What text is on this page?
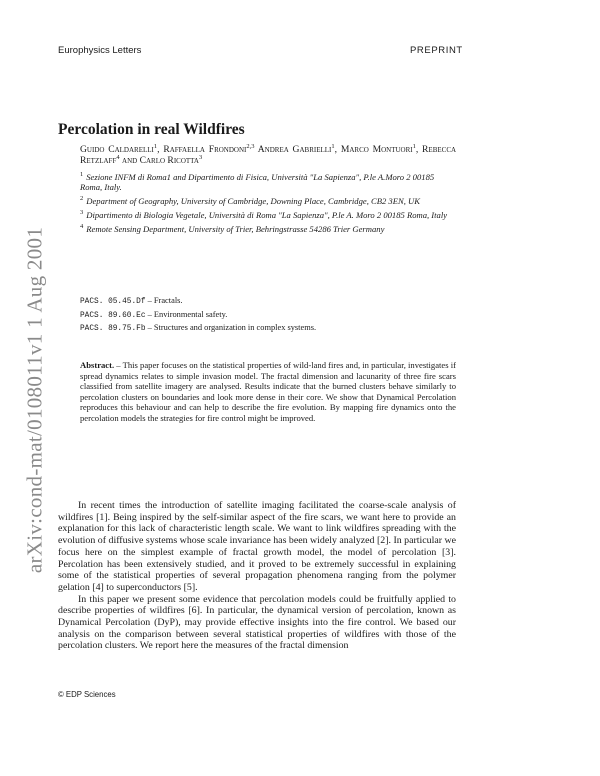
Europhysics Letters	PREPRINT
arXiv:cond-mat/0108011v1 1 Aug 2001
Percolation in real Wildfires
Guido Caldarelli$^1$, Raffaella Frondoni$^{2,3}$ Andrea Gabrielli$^1$, Marco Montuori$^1$, Rebecca Retzlaff$^4$ and Carlo Ricotta$^3$
$^1$ Sezione INFM di Roma1 and Dipartimento di Fisica, Università "La Sapienza", P.le A.Moro 2 00185 Roma, Italy.
$^2$ Department of Geography, University of Cambridge, Downing Place, Cambridge, CB2 3EN, UK
$^3$ Dipartimento di Biologia Vegetale, Università di Roma "La Sapienza", P.le A. Moro 2 00185 Roma, Italy
$^4$ Remote Sensing Department, University of Trier, Behringstrasse 54286 Trier Germany
PACS. 05.45.Df – Fractals.
PACS. 89.60.Ec – Environmental safety.
PACS. 89.75.Fb – Structures and organization in complex systems.
Abstract. – This paper focuses on the statistical properties of wild-land fires and, in particular, investigates if spread dynamics relates to simple invasion model. The fractal dimension and lacunarity of three fire scars classified from satellite imagery are analysed. Results indicate that the burned clusters behave similarly to percolation clusters on boundaries and look more dense in their core. We show that Dynamical Percolation reproduces this behaviour and can help to describe the fire evolution. By mapping fire dynamics onto the percolation models the strategies for fire control might be improved.

In recent times the introduction of satellite imaging facilitated the coarse-scale analysis of wildfires [1]. Being inspired by the self-similar aspect of the fire scars, we want here to provide an explanation for this lack of characteristic length scale. We want to link wildfires spreading with the evolution of diffusive systems whose scale invariance has been widely analyzed [2]. In particular we focus here on the simplest example of fractal growth model, the model of percolation [3]. Percolation has been extensively studied, and it proved to be extremely successful in explaining some of the statistical properties of several propagation phenomena ranging from the polymer gelation [4] to superconductors [5].

In this paper we present some evidence that percolation models could be fruitfully applied to describe properties of wildfires [6]. In particular, the dynamical version of percolation, known as Dynamical Percolation (DyP), may provide effective insights into the fire control. We based our analysis on the comparison between several statistical properties of wildfires with those of the percolation clusters. We report here the measures of the fractal dimension

© EDP Sciences
